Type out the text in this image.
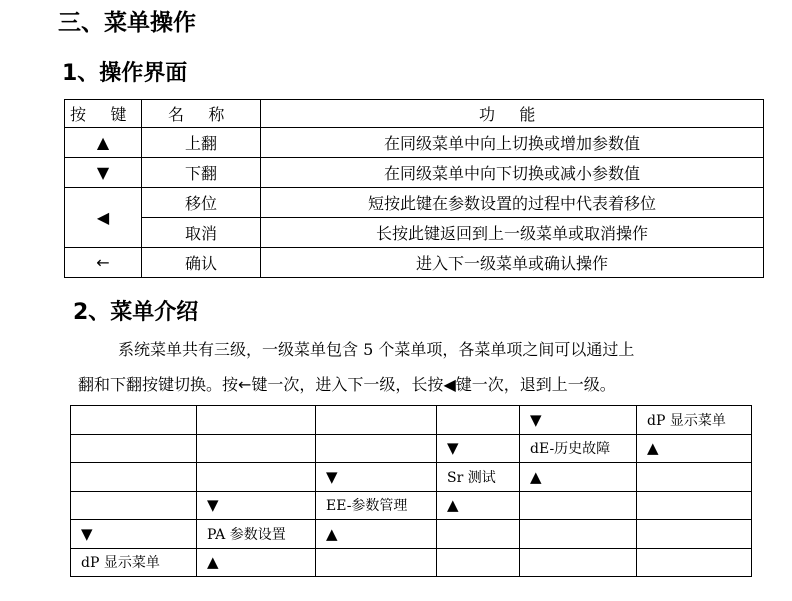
三、菜单操作
1、操作界面
按 键	名 称	功 能
▲	上翻	在同级菜单中向上切换或增加参数值
▼	下翻	在同级菜单中向下切换或减小参数值
◀	移位	短按此键在参数设置的过程中代表着移位
	取消	长按此键返回到上一级菜单或取消操作
←	确认	进入下一级菜单或确认操作
2、菜单介绍
系统菜单共有三级，一级菜单包含 5 个菜单项，各菜单项之间可以通过上
翻和下翻按键切换。按←键一次，进入下一级，长按◀键一次，退到上一级。
				▼	dP 显示菜单
			▼	dE-历史故障	▲
		▼	Sr 测试	▲	
	▼	EE-参数管理	▲		
▼	PA 参数设置	▲			
dP 显示菜单	▲				
